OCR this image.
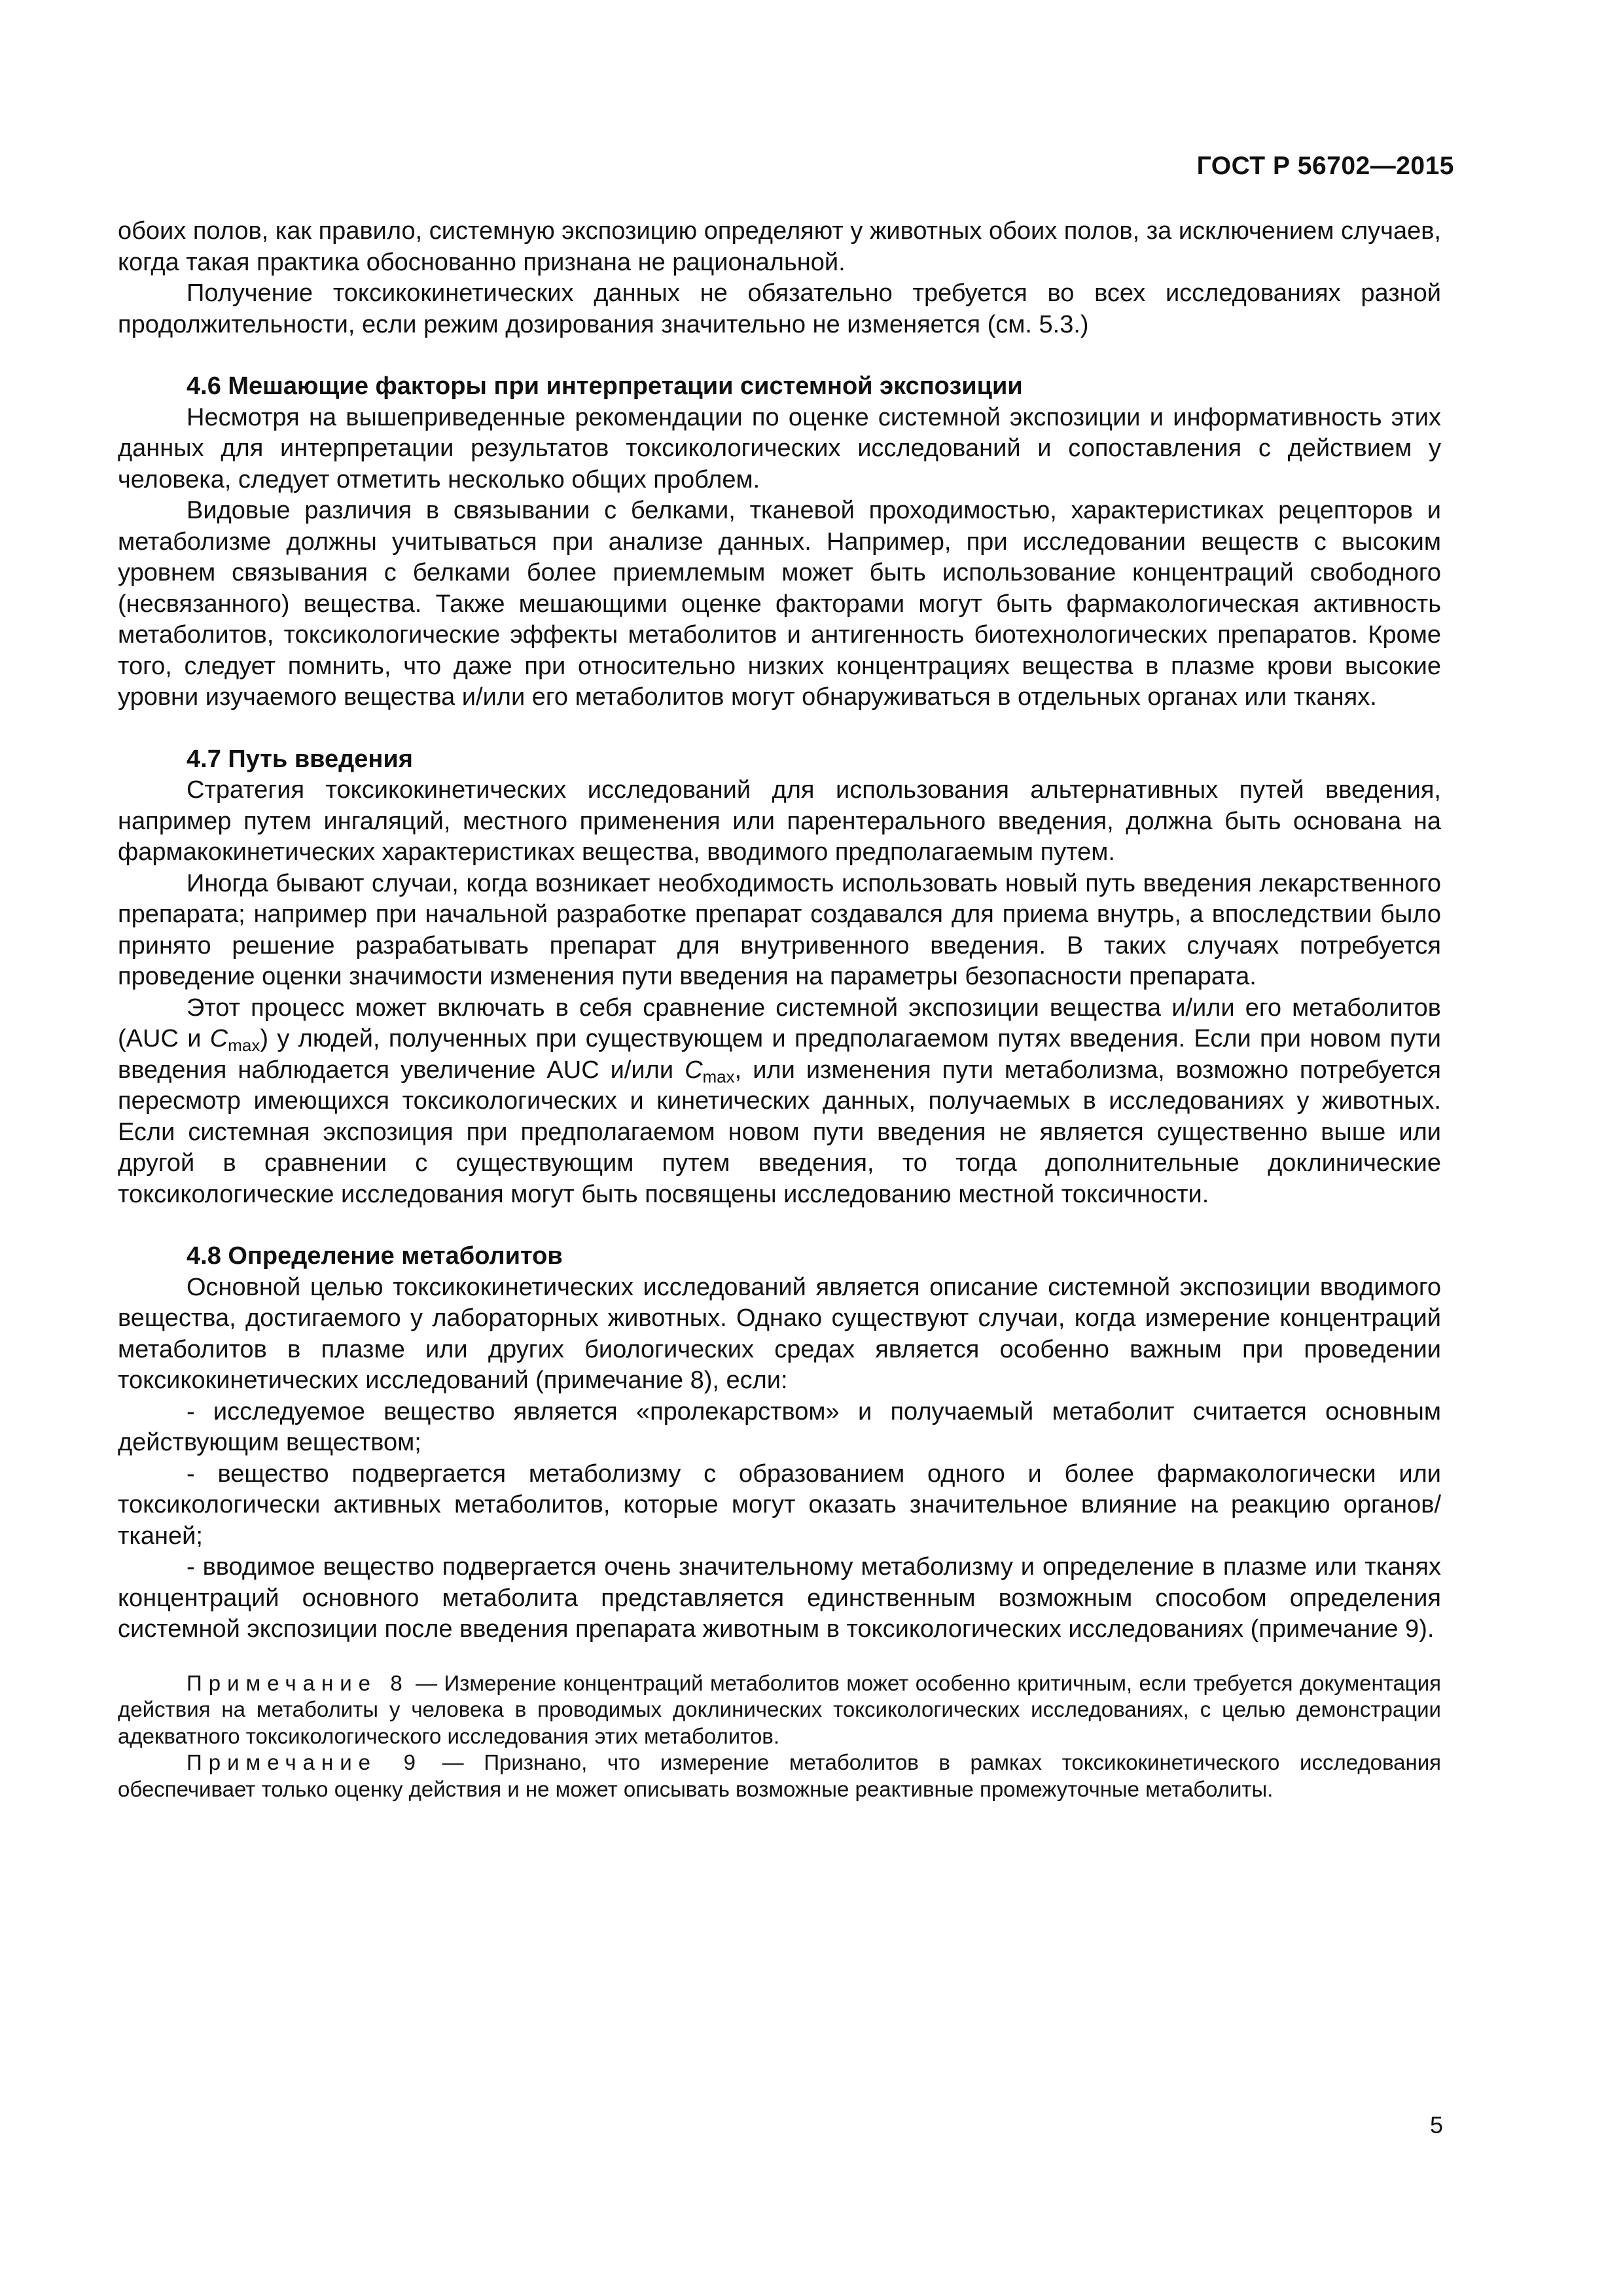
ГОСТ Р 56702—2015

обоих полов, как правило, системную экспозицию определяют у животных обоих полов, за исключением случаев, когда такая практика обоснованно признана не рациональной.

Получение токсикокинетических данных не обязательно требуется во всех исследованиях разной продолжительности, если режим дозирования значительно не изменяется (см. 5.3.)

4.6 Мешающие факторы при интерпретации системной экспозиции

Несмотря на вышеприведенные рекомендации по оценке системной экспозиции и информативность этих данных для интерпретации результатов токсикологических исследований и сопоставления с действием у человека, следует отметить несколько общих проблем.

Видовые различия в связывании с белками, тканевой проходимостью, характеристиках рецепторов и метаболизме должны учитываться при анализе данных. Например, при исследовании веществ с высоким уровнем связывания с белками более приемлемым может быть использование концентраций свободного (несвязанного) вещества. Также мешающими оценке факторами могут быть фармакологическая активность метаболитов, токсикологические эффекты метаболитов и антигенность биотехнологических препаратов. Кроме того, следует помнить, что даже при относительно низких концентрациях вещества в плазме крови высокие уровни изучаемого вещества и/или его метаболитов могут обнаруживаться в отдельных органах или тканях.

4.7 Путь введения

Стратегия токсикокинетических исследований для использования альтернативных путей введения, например путем ингаляций, местного применения или парентерального введения, должна быть основана на фармакокинетических характеристиках вещества, вводимого предполагаемым путем.

Иногда бывают случаи, когда возникает необходимость использовать новый путь введения лекарственного препарата; например при начальной разработке препарат создавался для приема внутрь, а впоследствии было принято решение разрабатывать препарат для внутривенного введения. В таких случаях потребуется проведение оценки значимости изменения пути введения на параметры безопасности препарата.

Этот процесс может включать в себя сравнение системной экспозиции вещества и/или его метаболитов (AUC и $C_{max}$) у людей, полученных при существующем и предполагаемом путях введения. Если при новом пути введения наблюдается увеличение AUC и/или $C_{max}$, или изменения пути метаболизма, возможно потребуется пересмотр имеющихся токсикологических и кинетических данных, получаемых в исследованиях у животных. Если системная экспозиция при предполагаемом новом пути введения не является существенно выше или другой в сравнении с существующим путем введения, то тогда дополнительные доклинические токсикологические исследования могут быть посвящены исследованию местной токсичности.

4.8 Определение метаболитов

Основной целью токсикокинетических исследований является описание системной экспозиции вводимого вещества, достигаемого у лабораторных животных. Однако существуют случаи, когда измерение концентраций метаболитов в плазме или других биологических средах является особенно важным при проведении токсикокинетических исследований (примечание 8), если:

- исследуемое вещество является «пролекарством» и получаемый метаболит считается основным действующим веществом;

- вещество подвергается метаболизму с образованием одного и более фармакологически или токсикологически активных метаболитов, которые могут оказать значительное влияние на реакцию органов/тканей;

- вводимое вещество подвергается очень значительному метаболизму и определение в плазме или тканях концентраций основного метаболита представляется единственным возможным способом определения системной экспозиции после введения препарата животным в токсикологических исследованиях (примечание 9).

Примечание 8 — Измерение концентраций метаболитов может особенно критичным, если требуется документация действия на метаболиты у человека в проводимых доклинических токсикологических исследованиях, с целью демонстрации адекватного токсикологического исследования этих метаболитов.

Примечание 9 — Признано, что измерение метаболитов в рамках токсикокинетического исследования обеспечивает только оценку действия и не может описывать возможные реактивные промежуточные метаболиты.

5
